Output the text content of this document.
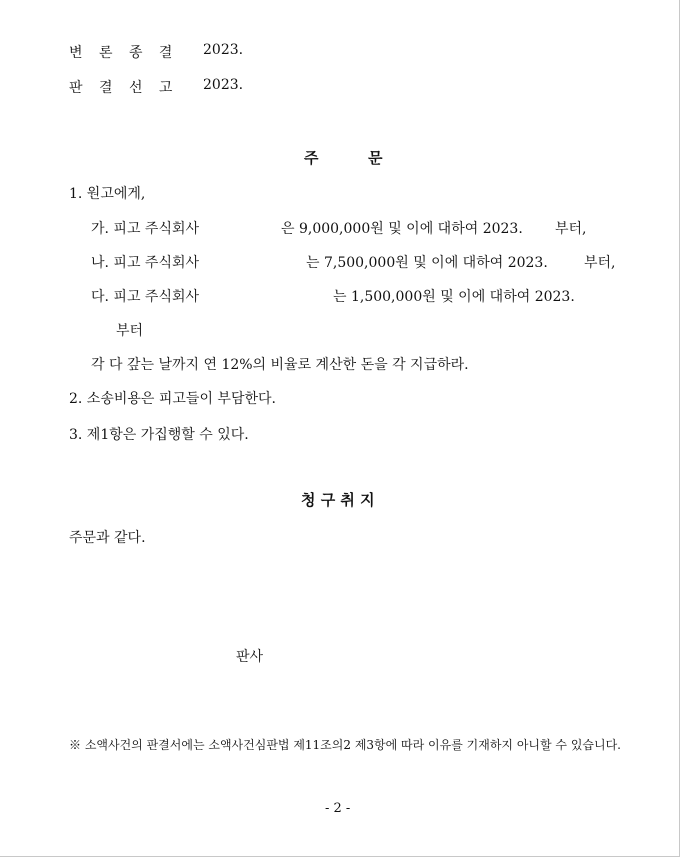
변 론 종 결 2023.
판 결 선 고 2023.
주	문
1. 원고에게,
가. 피고 주식회사	은 9,000,000원 및 이에 대하여 2023. 부터,
나. 피고 주식회사	는 7,500,000원 및 이에 대하여 2023.	부터,
다. 피고 주식회사	는 1,500,000원 및 이에 대하여 2023.
부터
각 다 갚는 날까지 연 12%의 비율로 계산한 돈을 각 지급하라.
2. 소송비용은 피고들이 부담한다.
3. 제1항은 가집행할 수 있다.
청 구 취 지
주문과 같다.
판사
※ 소액사건의 판결서에는 소액사건심판법 제11조의2 제3항에 따라 이유를 기재하지 아니할 수 있습니다.
- 2 -
